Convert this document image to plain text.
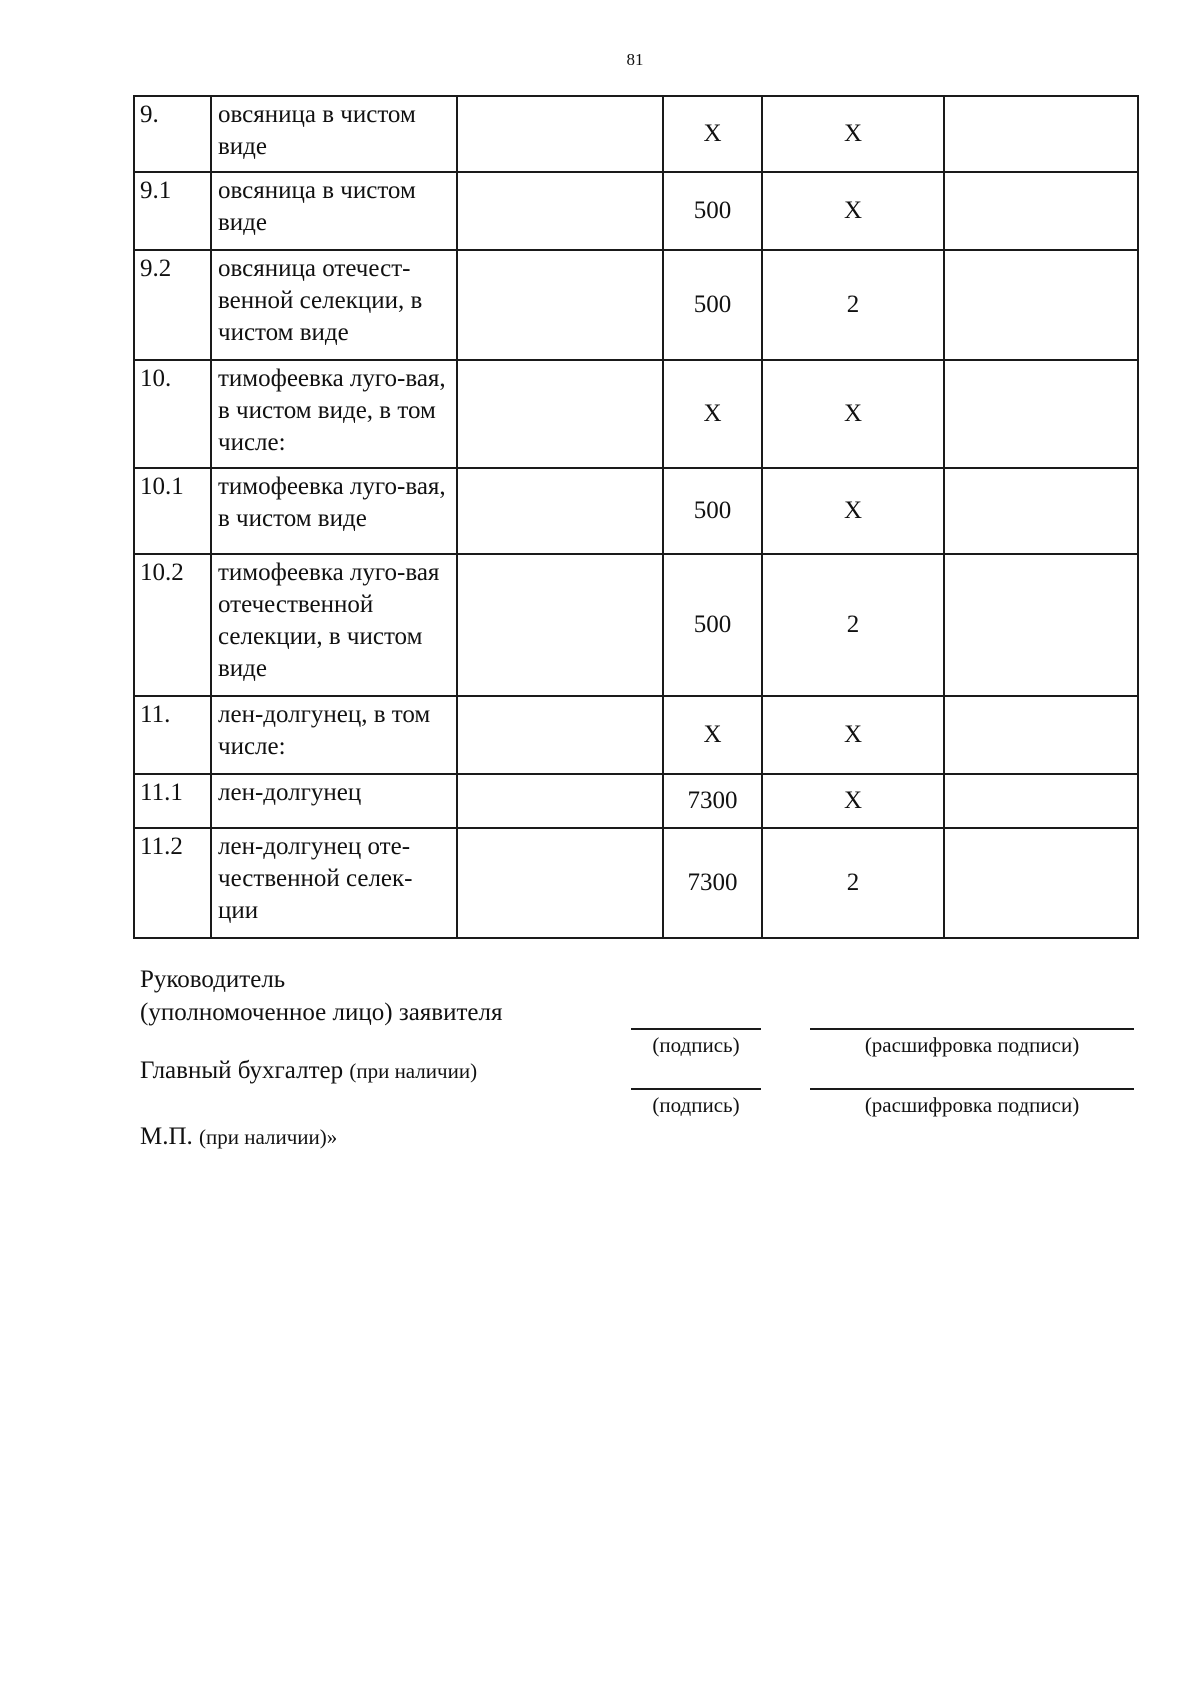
81
9.	овсяница в чистом виде		X	X	
9.1	овсяница в чистом виде		500	X	
9.2	овсяница отечест-венной селекции, в чистом виде		500	2	
10.	тимофеевка луго-вая, в чистом виде, в том числе:		X	X	
10.1	тимофеевка луго-вая, в чистом виде		500	X	
10.2	тимофеевка луго-вая отечественной селекции, в чистом виде		500	2	
11.	лен-долгунец, в том числе:		X	X	
11.1	лен-долгунец		7300	X	
11.2	лен-долгунец оте-чественной селек-ции		7300	2	
Руководитель
(уполномоченное лицо) заявителя
Главный бухгалтер (при наличии)
(подпись)	(расшифровка подписи)
(подпись)	(расшифровка подписи)
М.П. (при наличии)»
